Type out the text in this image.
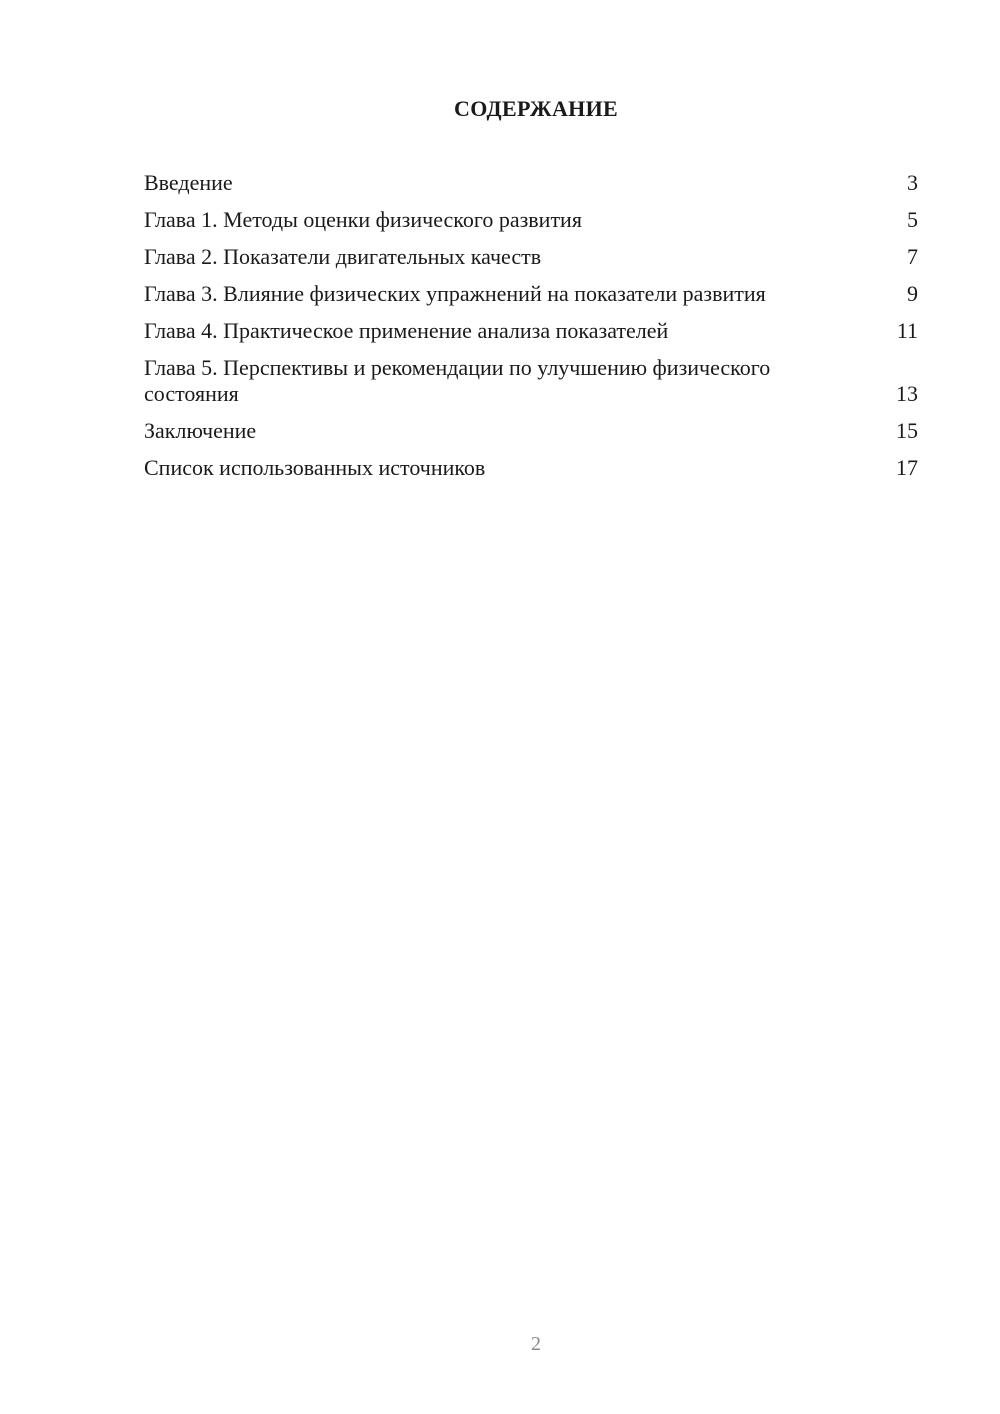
СОДЕРЖАНИЕ
Введение	3
Глава 1. Методы оценки физического развития	5
Глава 2. Показатели двигательных качеств	7
Глава 3. Влияние физических упражнений на показатели развития	9
Глава 4. Практическое применение анализа показателей	11
Глава 5. Перспективы и рекомендации по улучшению физического состояния	13
Заключение	15
Список использованных источников	17
2
